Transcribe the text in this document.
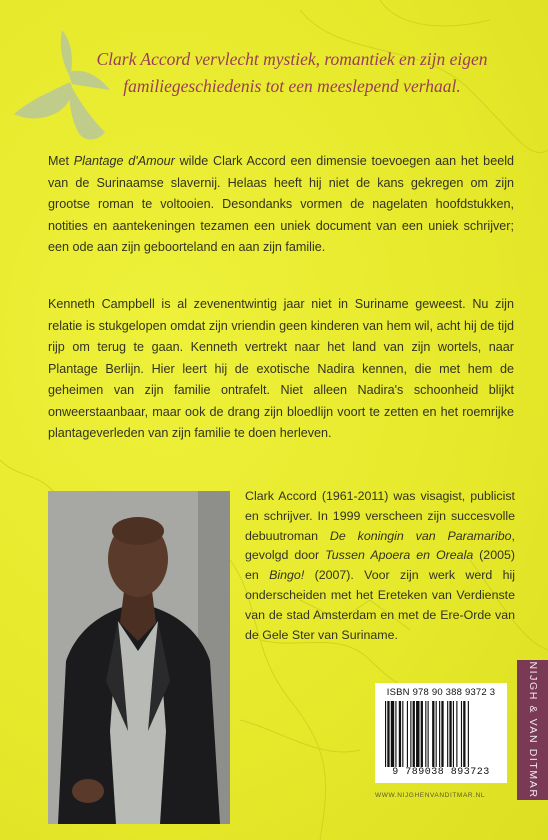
Clark Accord vervlecht mystiek, romantiek en zijn eigen
familiegeschiedenis tot een meeslepend verhaal.

Met Plantage d'Amour wilde Clark Accord een dimensie toevoegen aan het beeld van de Surinaamse slavernij. Helaas heeft hij niet de kans gekregen om zijn grootse roman te voltooien. Desondanks vormen de nagelaten hoofdstukken, notities en aantekeningen tezamen een uniek document van een uniek schrijver; een ode aan zijn geboorteland en aan zijn familie.

Kenneth Campbell is al zevenentwintig jaar niet in Suriname geweest. Nu zijn relatie is stukgelopen omdat zijn vriendin geen kinderen van hem wil, acht hij de tijd rijp om terug te gaan. Kenneth vertrekt naar het land van zijn wortels, naar Plantage Berlijn. Hier leert hij de exotische Nadira kennen, die met hem de geheimen van zijn familie ontrafelt. Niet alleen Nadira's schoonheid blijkt onweerstaanbaar, maar ook de drang zijn bloedlijn voort te zetten en het roemrijke plantageverleden van zijn familie te doen herleven.

Clark Accord (1961-2011) was visagist, publicist en schrijver. In 1999 verscheen zijn succesvolle debuutroman De koningin van Paramaribo, gevolgd door Tussen Apoera en Oreala (2005) en Bingo! (2007). Voor zijn werk werd hij onderscheiden met het Ereteken van Verdienste van de stad Amsterdam en met de Ere-Orde van de Gele Ster van Suriname.

ISBN 978 90 388 9372 3
9 789038 893723	NIJGH & VAN DITMAR
WWW.NIJGHENVANDITMAR.NL
